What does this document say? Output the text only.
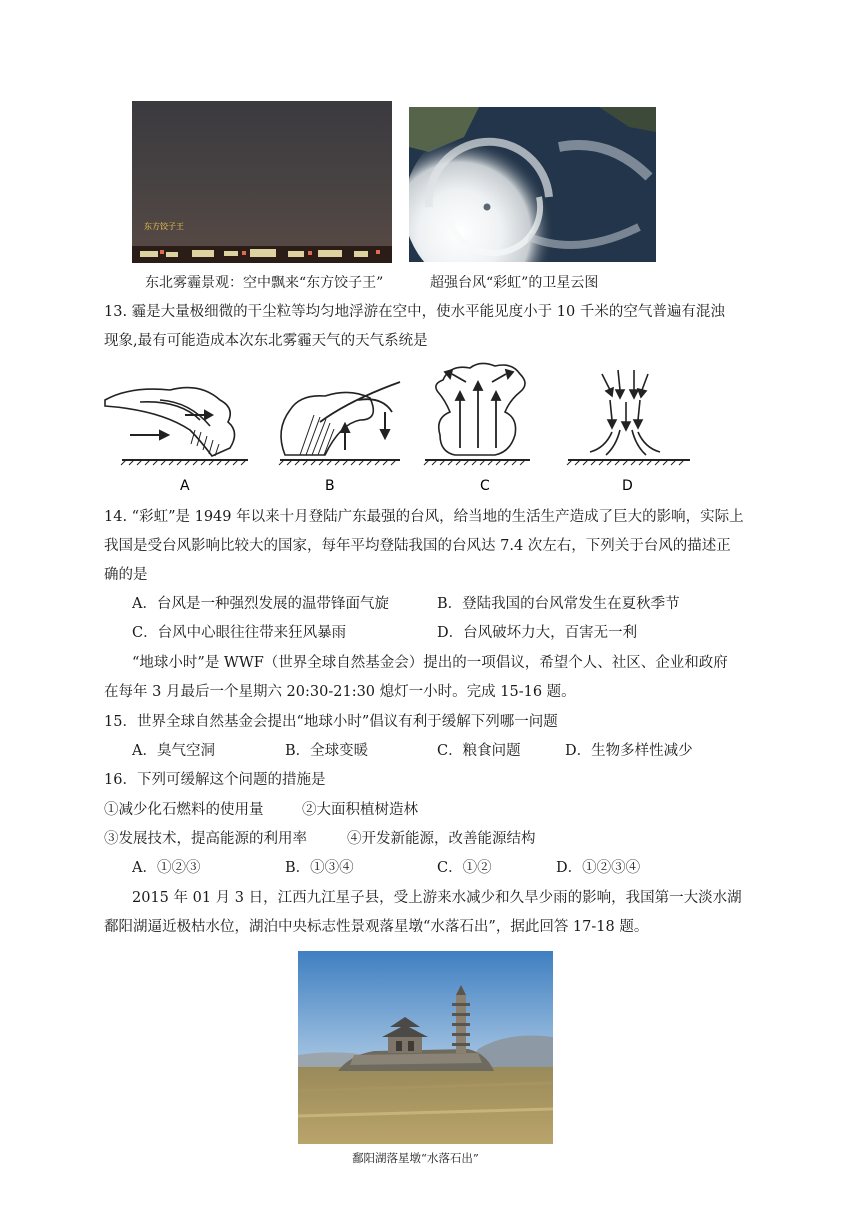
东方饺子王
东北雾霾景观：空中飘来“东方饺子王”	超强台风“彩虹”的卫星云图
13. 霾是大量极细微的干尘粒等均匀地浮游在空中，使水平能见度小于 10 千米的空气普遍有混浊
现象,最有可能造成本次东北雾霾天气的天气系统是
A	B	C	D
14. “彩虹”是 1949 年以来十月登陆广东最强的台风，给当地的生活生产造成了巨大的影响，实际上
我国是受台风影响比较大的国家，每年平均登陆我国的台风达 7.4 次左右，下列关于台风的描述正
确的是
A．台风是一种强烈发展的温带锋面气旋	B．登陆我国的台风常发生在夏秋季节
C．台风中心眼往往带来狂风暴雨	D．台风破坏力大，百害无一利
“地球小时”是 WWF（世界全球自然基金会）提出的一项倡议，希望个人、社区、企业和政府
在每年 3 月最后一个星期六 20:30-21:30 熄灯一小时。完成 15-16 题。
15．世界全球自然基金会提出“地球小时”倡议有利于缓解下列哪一问题
A．臭气空洞	B．全球变暖	C．粮食问题	D．生物多样性减少
16．下列可缓解这个问题的措施是
①减少化石燃料的使用量	②大面积植树造林
③发展技术，提高能源的利用率	④开发新能源，改善能源结构
A．①②③	B．①③④	C．①②	D．①②③④
2015 年 01 月 3 日，江西九江星子县，受上游来水减少和久旱少雨的影响，我国第一大淡水湖
鄱阳湖逼近极枯水位，湖泊中央标志性景观落星墩“水落石出”，据此回答 17-18 题。
鄱阳湖落星墩“水落石出”
